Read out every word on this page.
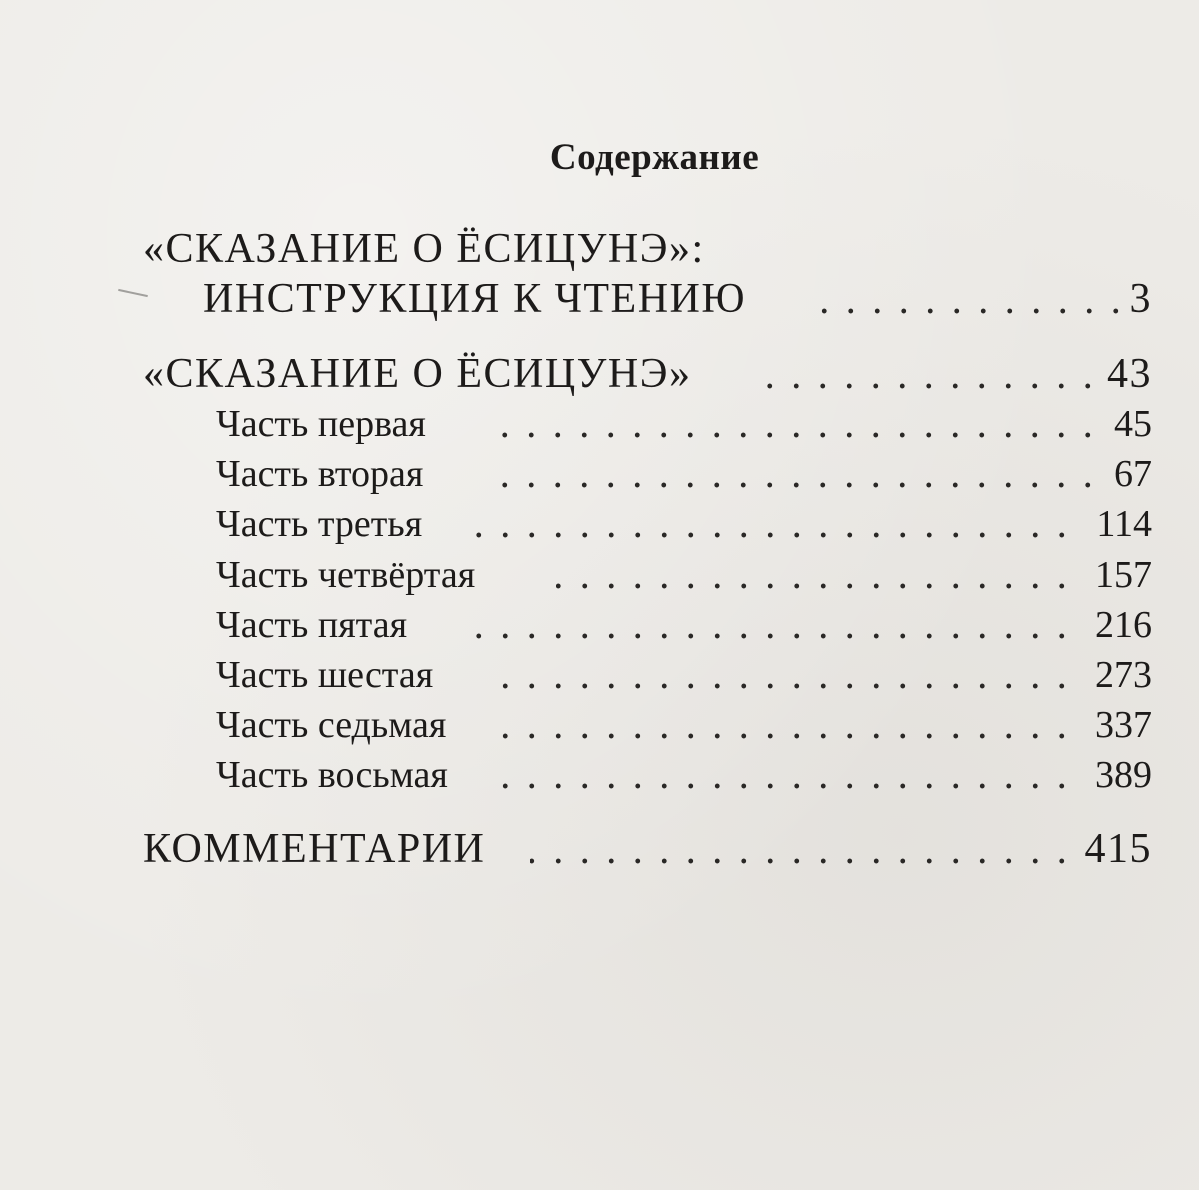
Содержание
«СКАЗАНИЕ О ЁСИЦУНЭ»:
ИНСТРУКЦИЯ К ЧТЕНИЮ	3
«СКАЗАНИЕ О ЁСИЦУНЭ»	43
Часть первая	45
Часть вторая	67
Часть третья	114
Часть четвёртая	157
Часть пятая	216
Часть шестая	273
Часть седьмая	337
Часть восьмая	389
КОММЕНТАРИИ	415
